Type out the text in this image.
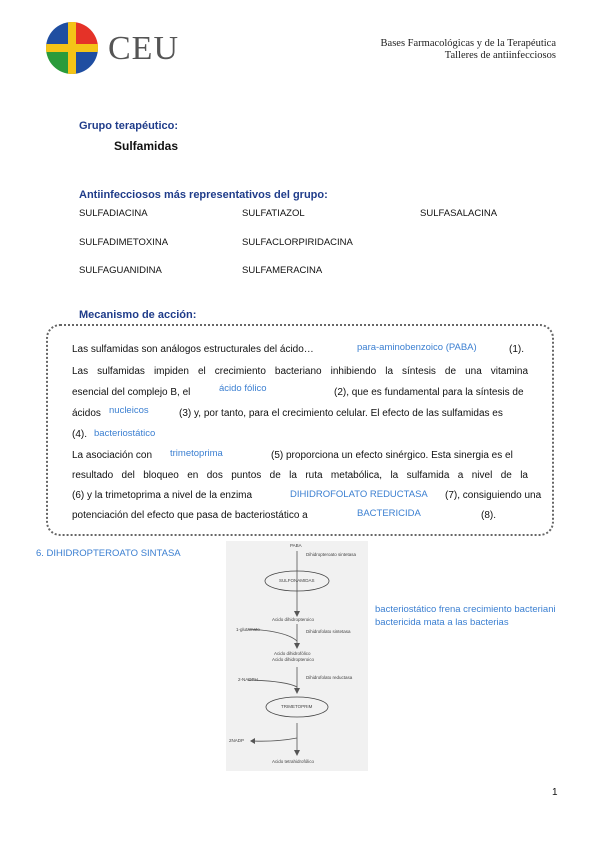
CEU	Bases Farmacológicas y de la Terapéutica
Talleres de antiinfecciosos
Grupo terapéutico:
Sulfamidas
Antiinfecciosos más representativos del grupo:
SULFADIACINA	SULFATIAZOL	SULFASALACINA
SULFADIMETOXINA	SULFACLORPIRIDACINA
SULFAGUANIDINA	SULFAMERACINA
Mecanismo de acción:
Las sulfamidas son análogos estructurales del ácido…	para-aminobenzoico (PABA)	(1).
Las sulfamidas impiden el crecimiento bacteriano inhibiendo la síntesis de una vitamina
esencial del complejo B, el	ácido fólico	(2), que es fundamental para la síntesis de
ácidos nucleicos	(3) y, por tanto, para el crecimiento celular. El efecto de las sulfamidas es
(4). bacteriostático
La asociación con trimetoprima	(5) proporciona un efecto sinérgico. Esta sinergia es el
resultado del bloqueo en dos puntos de la ruta metabólica, la sulfamida a nivel de la
(6) y la trimetoprima a nivel de la enzima	DIHIDROFOLATO REDUCTASA (7), consiguiendo una
potenciación del efecto que pasa de bacteriostático a	BACTERICIDA	(8).
6. DIHIDROPTEROATO SINTASA
bacteriostático frena crecimiento bacteriani
bactericida mata a las bacterias
PABA
Dihidropteroato sintetasa
SULFONAMIDAS
Acido dihidropteroico
1-glutamato	Dihidrofolato sintetasa
Acido dihidrofólico
Acido dihidropteroico
2-NADPH	Dihidrofolato reductasa
TRIMETOPRIM
2NADP
Acido tetrahidrofólico
1
